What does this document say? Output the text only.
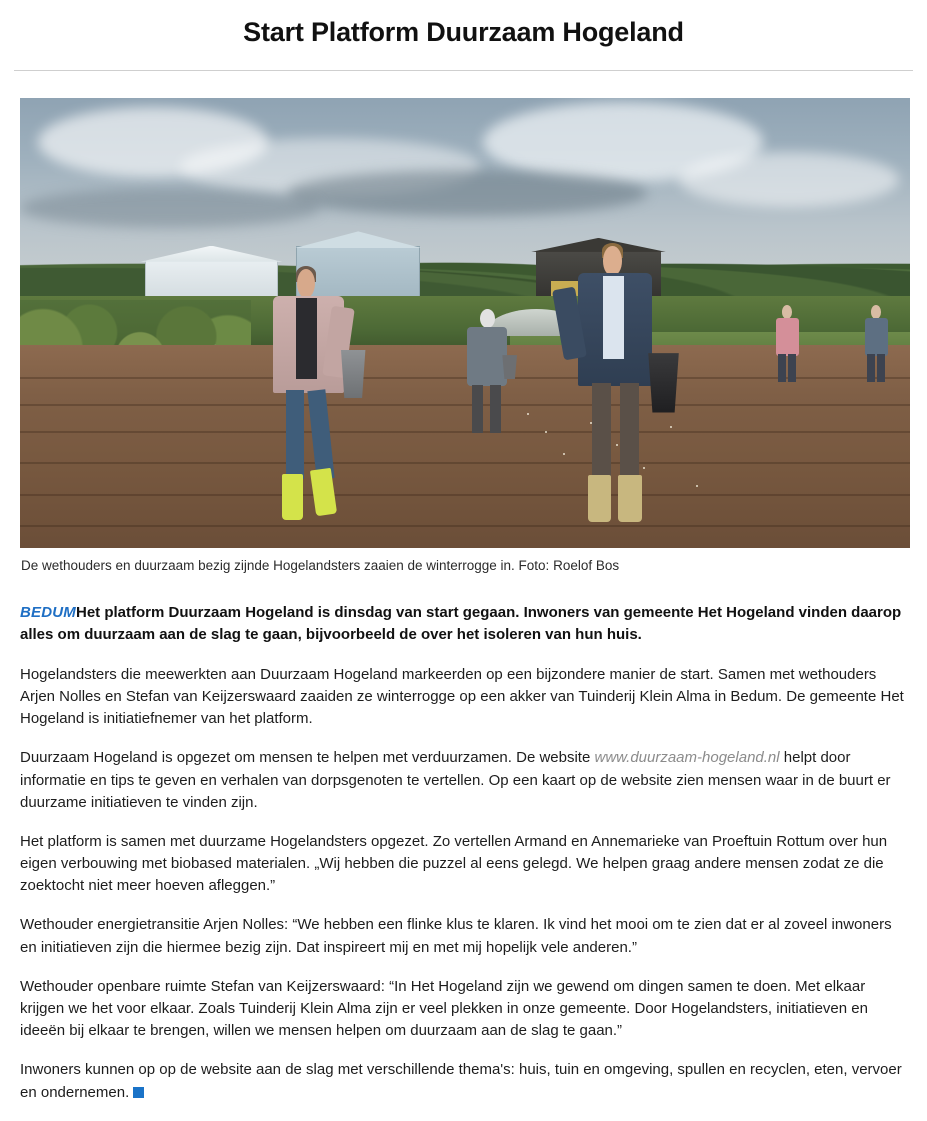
Start Platform Duurzaam Hogeland
De wethouders en duurzaam bezig zijnde Hogelandsters zaaien de winterrogge in. Foto: Roelof Bos

BEDUMHet platform Duurzaam Hogeland is dinsdag van start gegaan. Inwoners van gemeente Het Hogeland vinden daarop alles om duurzaam aan de slag te gaan, bijvoorbeeld de over het isoleren van hun huis.

Hogelandsters die meewerkten aan Duurzaam Hogeland markeerden op een bijzondere manier de start. Samen met wethouders Arjen Nolles en Stefan van Keijzerswaard zaaiden ze winterrogge op een akker van Tuinderij Klein Alma in Bedum. De gemeente Het Hogeland is initiatiefnemer van het platform.

Duurzaam Hogeland is opgezet om mensen te helpen met verduurzamen. De website www.duurzaam-hogeland.nl helpt door informatie en tips te geven en verhalen van dorpsgenoten te vertellen. Op een kaart op de website zien mensen waar in de buurt er duurzame initiatieven te vinden zijn.

Het platform is samen met duurzame Hogelandsters opgezet. Zo vertellen Armand en Annemarieke van Proeftuin Rottum over hun eigen verbouwing met biobased materialen. „Wij hebben die puzzel al eens gelegd. We helpen graag andere mensen zodat ze die zoektocht niet meer hoeven afleggen.”

Wethouder energietransitie Arjen Nolles: “We hebben een flinke klus te klaren. Ik vind het mooi om te zien dat er al zoveel inwoners en initiatieven zijn die hiermee bezig zijn. Dat inspireert mij en met mij hopelijk vele anderen.”

Wethouder openbare ruimte Stefan van Keijzerswaard: “In Het Hogeland zijn we gewend om dingen samen te doen. Met elkaar krijgen we het voor elkaar. Zoals Tuinderij Klein Alma zijn er veel plekken in onze gemeente. Door Hogelandsters, initiatieven en ideeën bij elkaar te brengen, willen we mensen helpen om duurzaam aan de slag te gaan.”

Inwoners kunnen op op de website aan de slag met verschillende thema's: huis, tuin en omgeving, spullen en recyclen, eten, vervoer en ondernemen.
